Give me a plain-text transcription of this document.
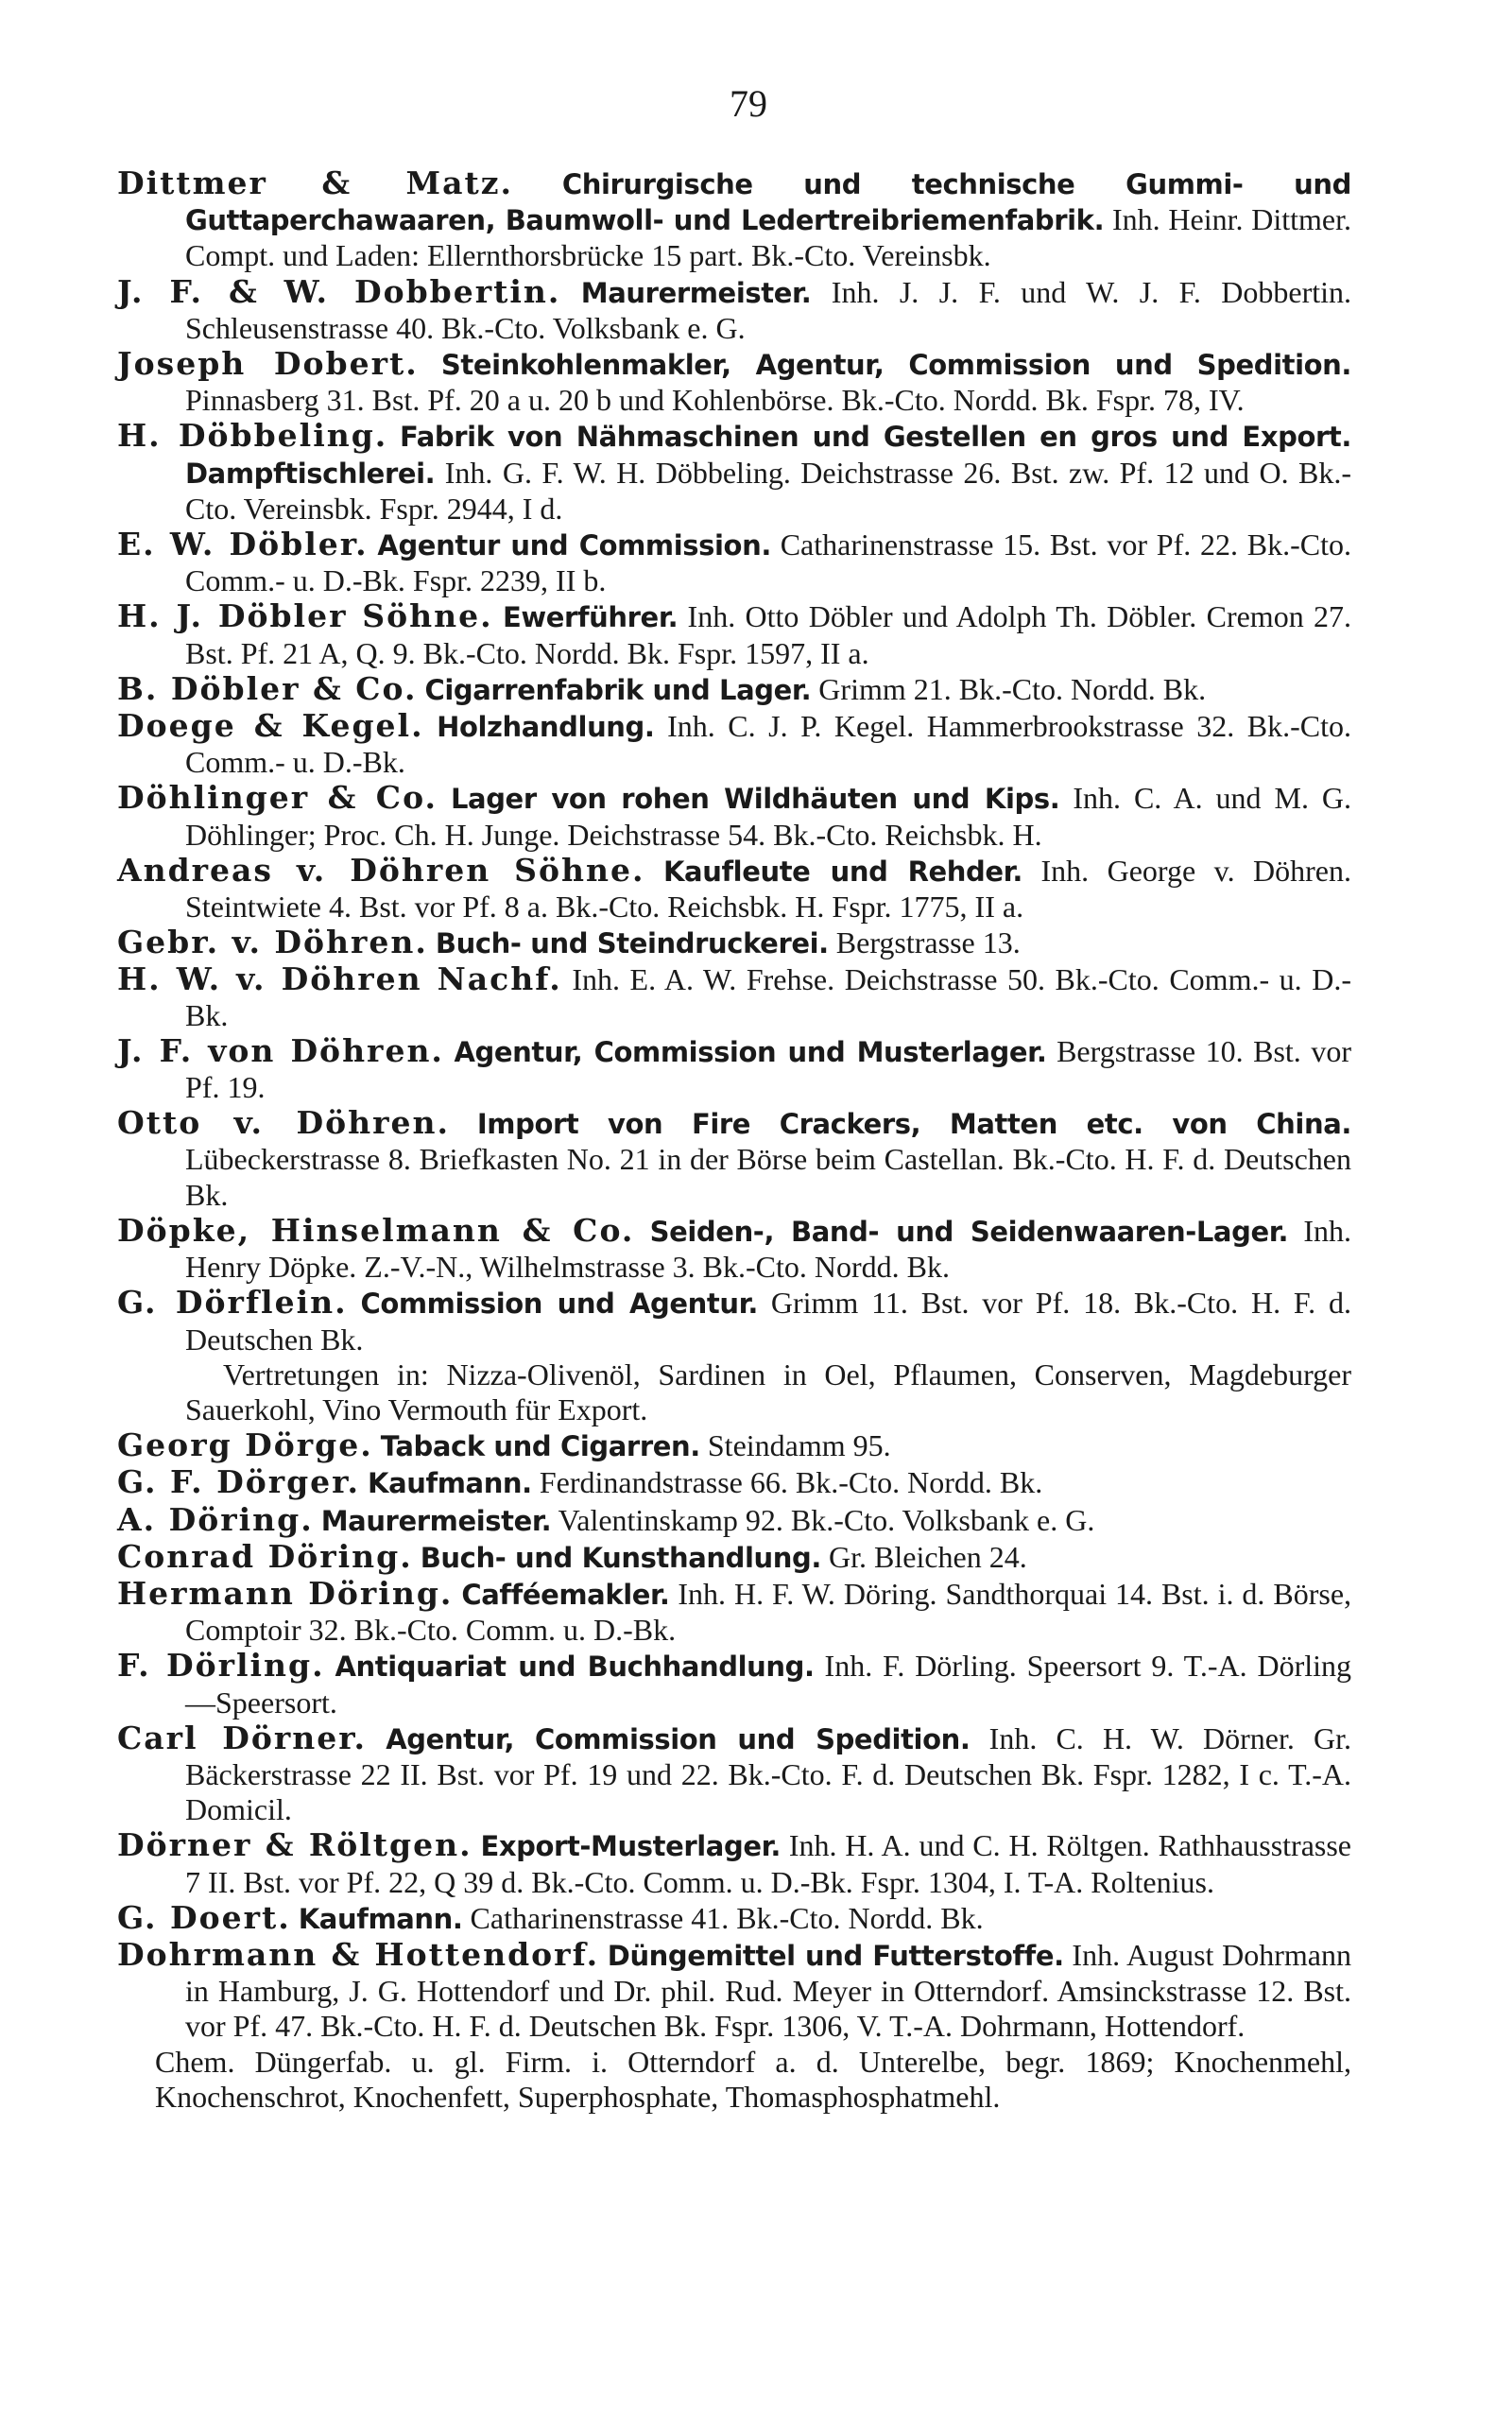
79

Dittmer & Matz. Chirurgische und technische Gummi- und Guttaperchawaaren, Baumwoll- und Ledertreibriemenfabrik. Inh. Heinr. Dittmer. Compt. und Laden: Ellernthorsbrücke 15 part. Bk.-Cto. Vereinsbk.

J. F. & W. Dobbertin. Maurermeister. Inh. J. J. F. und W. J. F. Dobbertin. Schleusenstrasse 40. Bk.-Cto. Volksbank e. G.

Joseph Dobert. Steinkohlenmakler, Agentur, Commission und Spedition. Pinnasberg 31. Bst. Pf. 20 a u. 20 b und Kohlenbörse. Bk.-Cto. Nordd. Bk. Fspr. 78, IV.

H. Döbbeling. Fabrik von Nähmaschinen und Gestellen en gros und Export. Dampftischlerei. Inh. G. F. W. H. Döbbeling. Deichstrasse 26. Bst. zw. Pf. 12 und O. Bk.-Cto. Vereinsbk. Fspr. 2944, I d.

E. W. Döbler. Agentur und Commission. Catharinenstrasse 15. Bst. vor Pf. 22. Bk.-Cto. Comm.- u. D.-Bk. Fspr. 2239, II b.

H. J. Döbler Söhne. Ewerführer. Inh. Otto Döbler und Adolph Th. Döbler. Cremon 27. Bst. Pf. 21 A, Q. 9. Bk.-Cto. Nordd. Bk. Fspr. 1597, II a.

B. Döbler & Co. Cigarrenfabrik und Lager. Grimm 21. Bk.-Cto. Nordd. Bk.

Doege & Kegel. Holzhandlung. Inh. C. J. P. Kegel. Hammerbrookstrasse 32. Bk.-Cto. Comm.- u. D.-Bk.

Döhlinger & Co. Lager von rohen Wildhäuten und Kips. Inh. C. A. und M. G. Döhlinger; Proc. Ch. H. Junge. Deichstrasse 54. Bk.-Cto. Reichsbk. H.

Andreas v. Döhren Söhne. Kaufleute und Rehder. Inh. George v. Döhren. Steintwiete 4. Bst. vor Pf. 8 a. Bk.-Cto. Reichsbk. H. Fspr. 1775, II a.

Gebr. v. Döhren. Buch- und Steindruckerei. Bergstrasse 13.

H. W. v. Döhren Nachf. Inh. E. A. W. Frehse. Deichstrasse 50. Bk.-Cto. Comm.- u. D.-Bk.

J. F. von Döhren. Agentur, Commission und Musterlager. Bergstrasse 10. Bst. vor Pf. 19.

Otto v. Döhren. Import von Fire Crackers, Matten etc. von China. Lübeckerstrasse 8. Briefkasten No. 21 in der Börse beim Castellan. Bk.-Cto. H. F. d. Deutschen Bk.

Döpke, Hinselmann & Co. Seiden-, Band- und Seidenwaaren-Lager. Inh. Henry Döpke. Z.-V.-N., Wilhelmstrasse 3. Bk.-Cto. Nordd. Bk.

G. Dörflein. Commission und Agentur. Grimm 11. Bst. vor Pf. 18. Bk.-Cto. H. F. d. Deutschen Bk.

Vertretungen in: Nizza-Olivenöl, Sardinen in Oel, Pflaumen, Conserven, Magdeburger Sauerkohl, Vino Vermouth für Export.

Georg Dörge. Taback und Cigarren. Steindamm 95.

G. F. Dörger. Kaufmann. Ferdinandstrasse 66. Bk.-Cto. Nordd. Bk.

A. Döring. Maurermeister. Valentinskamp 92. Bk.-Cto. Volksbank e. G.

Conrad Döring. Buch- und Kunsthandlung. Gr. Bleichen 24.

Hermann Döring. Cafféemakler. Inh. H. F. W. Döring. Sandthorquai 14. Bst. i. d. Börse, Comptoir 32. Bk.-Cto. Comm. u. D.-Bk.

F. Dörling. Antiquariat und Buchhandlung. Inh. F. Dörling. Speersort 9. T.-A. Dörling—Speersort.

Carl Dörner. Agentur, Commission und Spedition. Inh. C. H. W. Dörner. Gr. Bäckerstrasse 22 II. Bst. vor Pf. 19 und 22. Bk.-Cto. F. d. Deutschen Bk. Fspr. 1282, I c. T.-A. Domicil.

Dörner & Röltgen. Export-Musterlager. Inh. H. A. und C. H. Röltgen. Rathhausstrasse 7 II. Bst. vor Pf. 22, Q 39 d. Bk.-Cto. Comm. u. D.-Bk. Fspr. 1304, I. T-A. Roltenius.

G. Doert. Kaufmann. Catharinenstrasse 41. Bk.-Cto. Nordd. Bk.

Dohrmann & Hottendorf. Düngemittel und Futterstoffe. Inh. August Dohrmann in Hamburg, J. G. Hottendorf und Dr. phil. Rud. Meyer in Otterndorf. Amsinckstrasse 12. Bst. vor Pf. 47. Bk.-Cto. H. F. d. Deutschen Bk. Fspr. 1306, V. T.-A. Dohrmann, Hottendorf.

Chem. Düngerfab. u. gl. Firm. i. Otterndorf a. d. Unterelbe, begr. 1869; Knochenmehl, Knochenschrot, Knochenfett, Superphosphate, Thomasphosphatmehl.
